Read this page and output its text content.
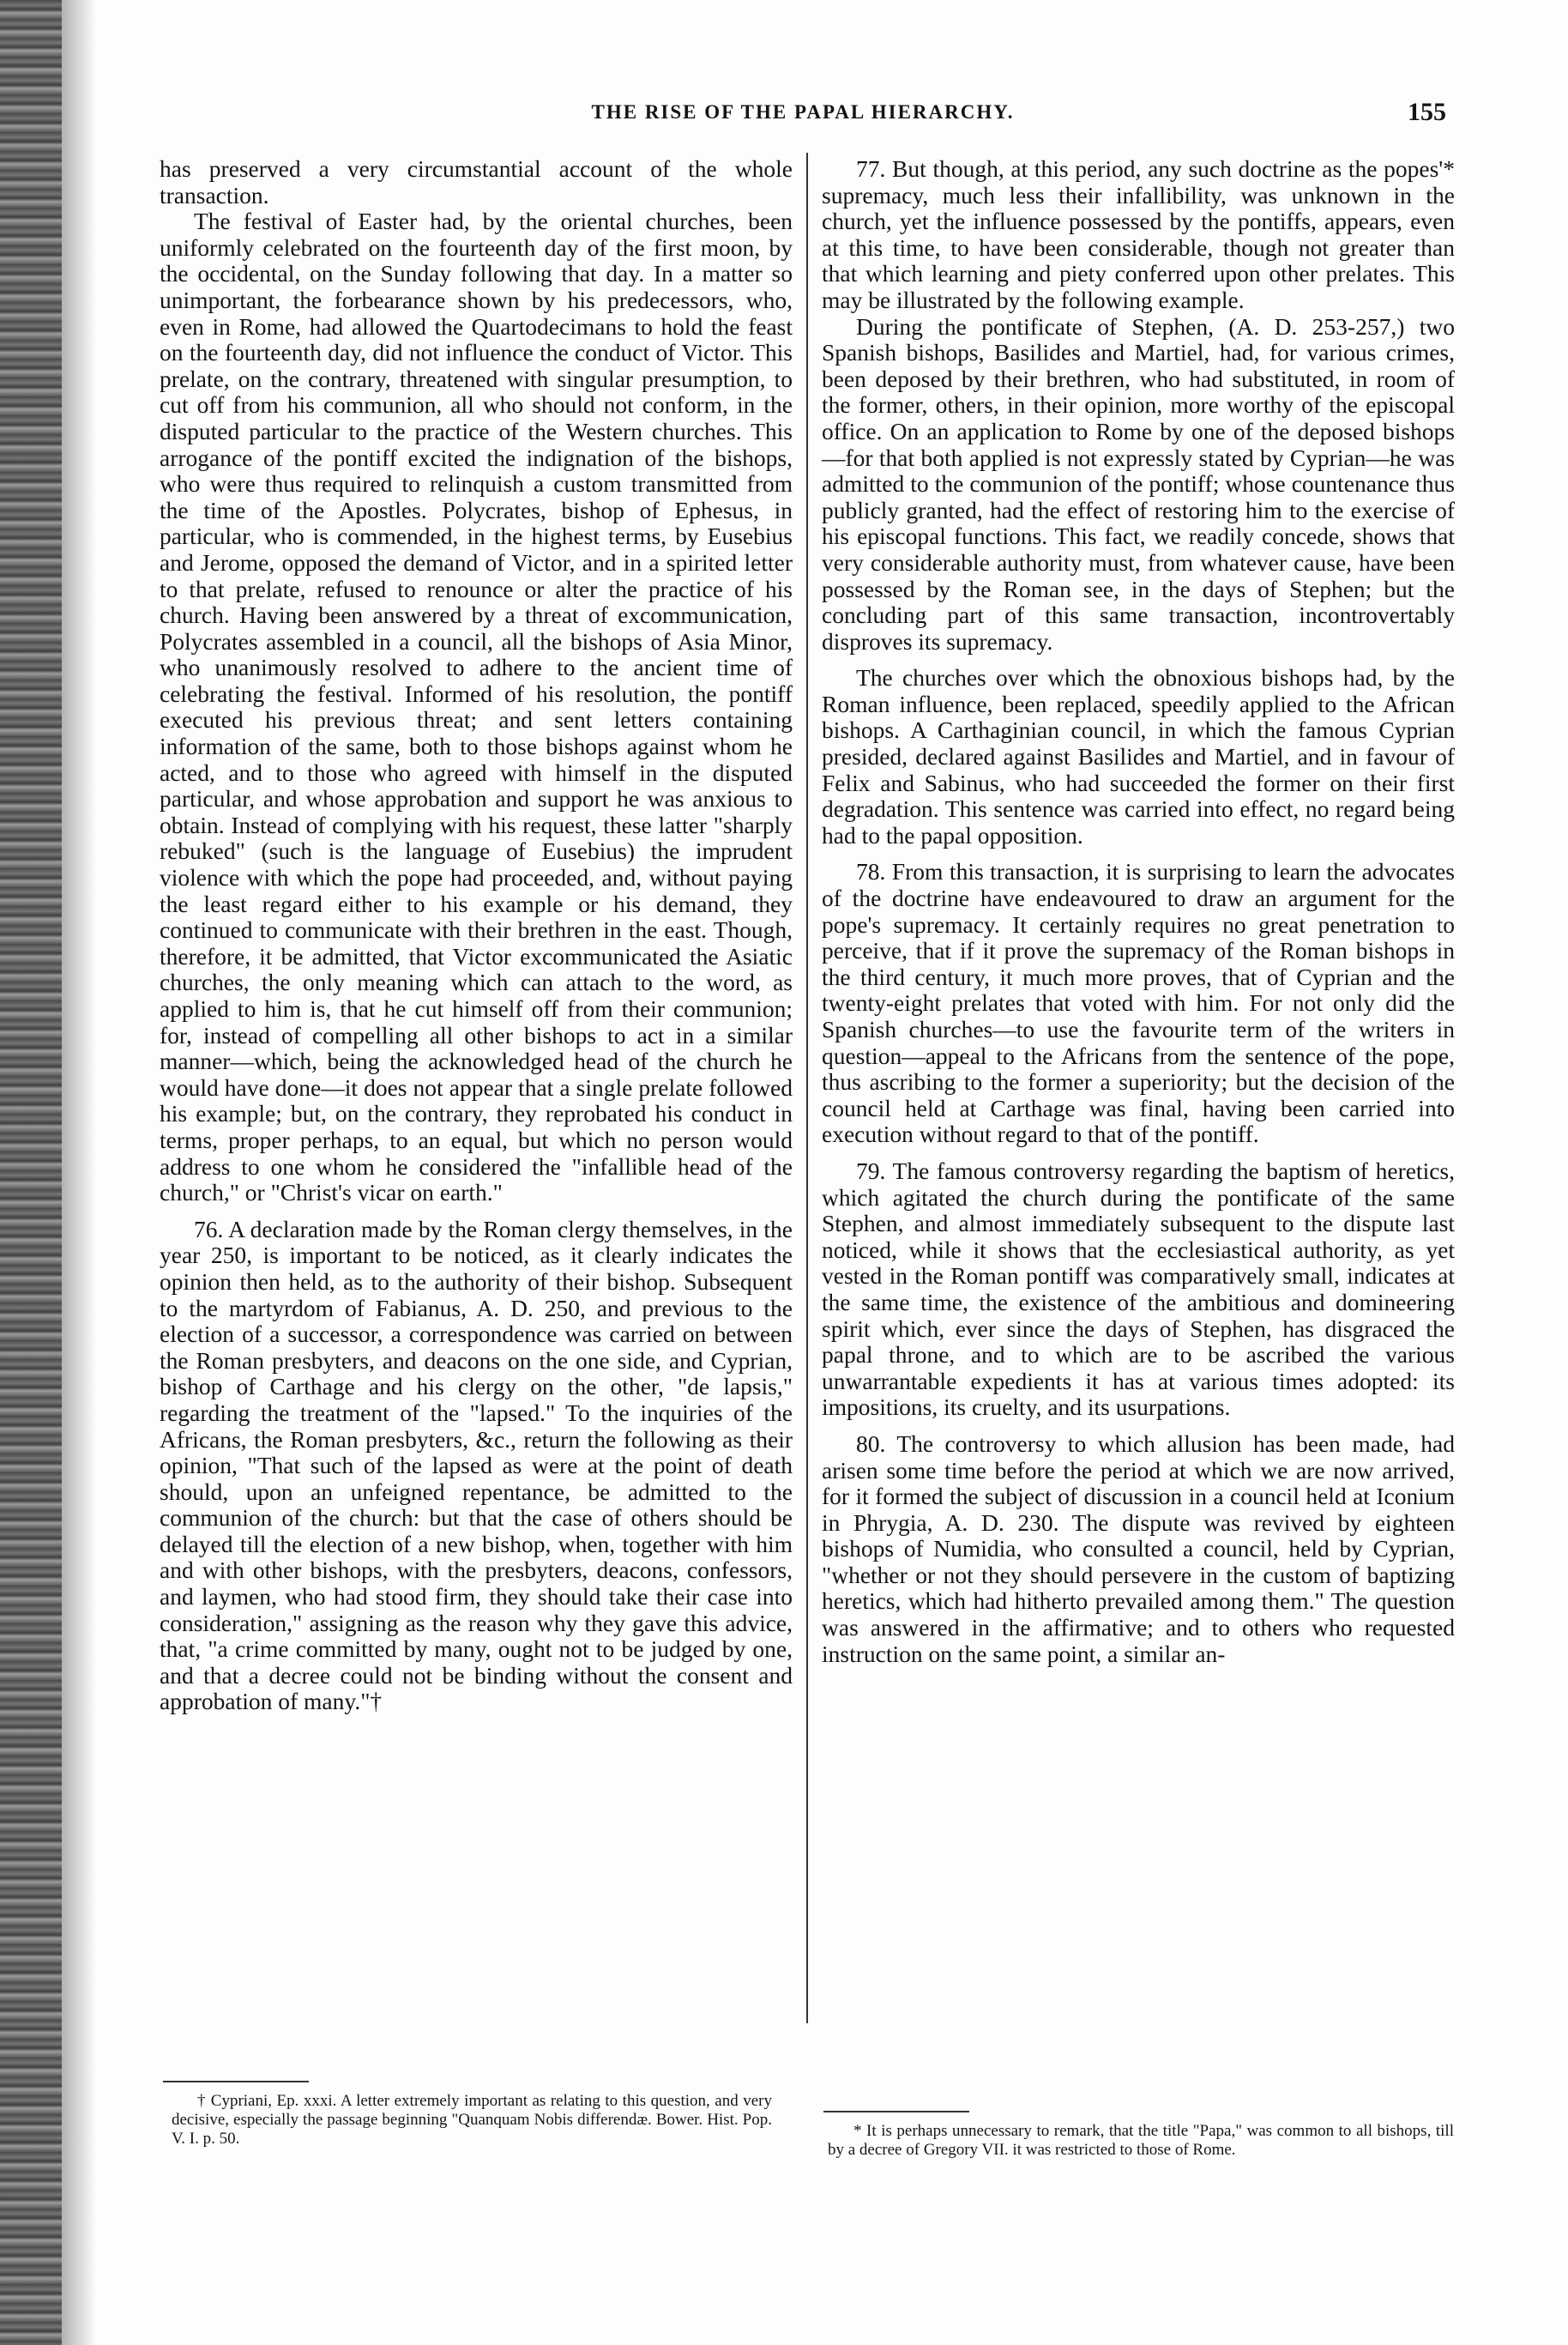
THE RISE OF THE PAPAL HIERARCHY.	155

has preserved a very circumstantial account of the whole transaction.

The festival of Easter had, by the oriental churches, been uniformly celebrated on the fourteenth day of the first moon, by the occidental, on the Sunday following that day. In a matter so unimportant, the forbearance shown by his predecessors, who, even in Rome, had allowed the Quartodecimans to hold the feast on the fourteenth day, did not influence the conduct of Victor. This prelate, on the contrary, threatened with singular presumption, to cut off from his communion, all who should not conform, in the disputed particular to the practice of the Western churches. This arrogance of the pontiff excited the indignation of the bishops, who were thus required to relinquish a custom transmitted from the time of the Apostles. Polycrates, bishop of Ephesus, in particular, who is commended, in the highest terms, by Eusebius and Jerome, opposed the demand of Victor, and in a spirited letter to that prelate, refused to renounce or alter the practice of his church. Having been answered by a threat of excommunication, Polycrates assembled in a council, all the bishops of Asia Minor, who unanimously resolved to adhere to the ancient time of celebrating the festival. Informed of his resolution, the pontiff executed his previous threat; and sent letters containing information of the same, both to those bishops against whom he acted, and to those who agreed with himself in the disputed particular, and whose approbation and support he was anxious to obtain. Instead of complying with his request, these latter "sharply rebuked" (such is the language of Eusebius) the imprudent violence with which the pope had proceeded, and, without paying the least regard either to his example or his demand, they continued to communicate with their brethren in the east. Though, therefore, it be admitted, that Victor excommunicated the Asiatic churches, the only meaning which can attach to the word, as applied to him is, that he cut himself off from their communion; for, instead of compelling all other bishops to act in a similar manner—which, being the acknowledged head of the church he would have done—it does not appear that a single prelate followed his example; but, on the contrary, they reprobated his conduct in terms, proper perhaps, to an equal, but which no person would address to one whom he considered the "infallible head of the church," or "Christ's vicar on earth."

76. A declaration made by the Roman clergy themselves, in the year 250, is important to be noticed, as it clearly indicates the opinion then held, as to the authority of their bishop. Subsequent to the martyrdom of Fabianus, A. D. 250, and previous to the election of a successor, a correspondence was carried on between the Roman presbyters, and deacons on the one side, and Cyprian, bishop of Carthage and his clergy on the other, "de lapsis," regarding the treatment of the "lapsed." To the inquiries of the Africans, the Roman presbyters, &c., return the following as their opinion, "That such of the lapsed as were at the point of death should, upon an unfeigned repentance, be admitted to the communion of the church: but that the case of others should be delayed till the election of a new bishop, when, together with him and with other bishops, with the presbyters, deacons, confessors, and laymen, who had stood firm, they should take their case into consideration," assigning as the reason why they gave this advice, that, "a crime committed by many, ought not to be judged by one, and that a decree could not be binding without the consent and approbation of many."†

77. But though, at this period, any such doctrine as the popes'* supremacy, much less their infallibility, was unknown in the church, yet the influence possessed by the pontiffs, appears, even at this time, to have been considerable, though not greater than that which learning and piety conferred upon other prelates. This may be illustrated by the following example.

During the pontificate of Stephen, (A. D. 253-257,) two Spanish bishops, Basilides and Martiel, had, for various crimes, been deposed by their brethren, who had substituted, in room of the former, others, in their opinion, more worthy of the episcopal office. On an application to Rome by one of the deposed bishops—for that both applied is not expressly stated by Cyprian—he was admitted to the communion of the pontiff; whose countenance thus publicly granted, had the effect of restoring him to the exercise of his episcopal functions. This fact, we readily concede, shows that very considerable authority must, from whatever cause, have been possessed by the Roman see, in the days of Stephen; but the concluding part of this same transaction, incontrovertably disproves its supremacy.

The churches over which the obnoxious bishops had, by the Roman influence, been replaced, speedily applied to the African bishops. A Carthaginian council, in which the famous Cyprian presided, declared against Basilides and Martiel, and in favour of Felix and Sabinus, who had succeeded the former on their first degradation. This sentence was carried into effect, no regard being had to the papal opposition.

78. From this transaction, it is surprising to learn the advocates of the doctrine have endeavoured to draw an argument for the pope's supremacy. It certainly requires no great penetration to perceive, that if it prove the supremacy of the Roman bishops in the third century, it much more proves, that of Cyprian and the twenty-eight prelates that voted with him. For not only did the Spanish churches—to use the favourite term of the writers in question—appeal to the Africans from the sentence of the pope, thus ascribing to the former a superiority; but the decision of the council held at Carthage was final, having been carried into execution without regard to that of the pontiff.

79. The famous controversy regarding the baptism of heretics, which agitated the church during the pontificate of the same Stephen, and almost immediately subsequent to the dispute last noticed, while it shows that the ecclesiastical authority, as yet vested in the Roman pontiff was comparatively small, indicates at the same time, the existence of the ambitious and domineering spirit which, ever since the days of Stephen, has disgraced the papal throne, and to which are to be ascribed the various unwarrantable expedients it has at various times adopted: its impositions, its cruelty, and its usurpations.

80. The controversy to which allusion has been made, had arisen some time before the period at which we are now arrived, for it formed the subject of discussion in a council held at Iconium in Phrygia, A. D. 230. The dispute was revived by eighteen bishops of Numidia, who consulted a council, held by Cyprian, "whether or not they should persevere in the custom of baptizing heretics, which had hitherto prevailed among them." The question was answered in the affirmative; and to others who requested instruction on the same point, a similar an-

† Cypriani, Ep. xxxi. A letter extremely important as relating to this question, and very decisive, especially the passage beginning "Quanquam Nobis differendæ. Bower. Hist. Pop. V. I. p. 50.	* It is perhaps unnecessary to remark, that the title "Papa," was common to all bishops, till by a decree of Gregory VII. it was restricted to those of Rome.
